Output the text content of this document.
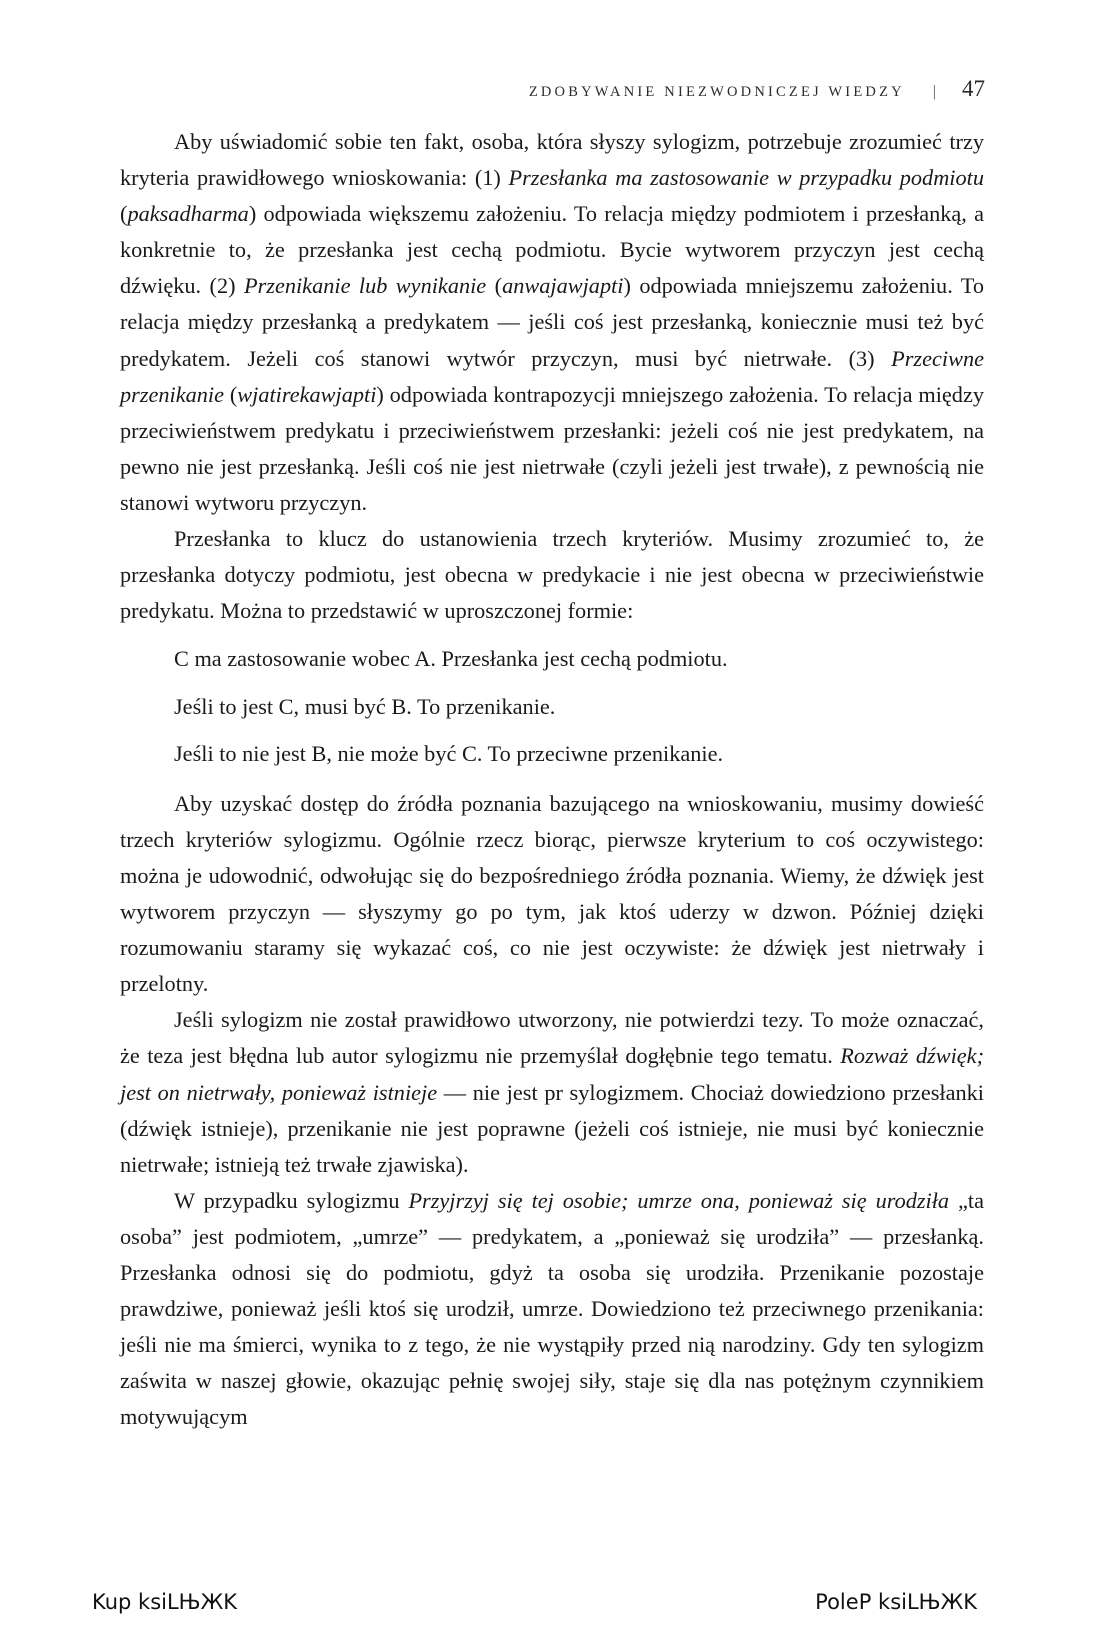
ZDOBYWANIE NIEZWODNICZEJ WIEDZY | 47

Aby uświadomić sobie ten fakt, osoba, która słyszy sylogizm, potrzebuje zrozumieć trzy kryteria prawidłowego wnioskowania: (1) Przesłanka ma zastosowanie w przypadku podmiotu (paksadharma) odpowiada większemu założeniu. To relacja między podmiotem i przesłanką, a konkretnie to, że przesłanka jest cechą podmiotu. Bycie wytworem przyczyn jest cechą dźwięku. (2) Przenikanie lub wynikanie (anwajawjapti) odpowiada mniejszemu założeniu. To relacja między przesłanką a predykatem — jeśli coś jest przesłanką, koniecznie musi też być predykatem. Jeżeli coś stanowi wytwór przyczyn, musi być nietrwałe. (3) Przeciwne przenikanie (wjatirekawjapti) odpowiada kontrapozycji mniejszego założenia. To relacja między przeciwieństwem predykatu i przeciwieństwem przesłanki: jeżeli coś nie jest predykatem, na pewno nie jest przesłanką. Jeśli coś nie jest nietrwałe (czyli jeżeli jest trwałe), z pewnością nie stanowi wytworu przyczyn.

Przesłanka to klucz do ustanowienia trzech kryteriów. Musimy zrozumieć to, że przesłanka dotyczy podmiotu, jest obecna w predykacie i nie jest obecna w przeciwieństwie predykatu. Można to przedstawić w uproszczonej formie:

C ma zastosowanie wobec A. Przesłanka jest cechą podmiotu.
Jeśli to jest C, musi być B. To przenikanie.
Jeśli to nie jest B, nie może być C. To przeciwne przenikanie.

Aby uzyskać dostęp do źródła poznania bazującego na wnioskowaniu, musimy dowieść trzech kryteriów sylogizmu. Ogólnie rzecz biorąc, pierwsze kryterium to coś oczywistego: można je udowodnić, odwołując się do bezpośredniego źródła poznania. Wiemy, że dźwięk jest wytworem przyczyn — słyszymy go po tym, jak ktoś uderzy w dzwon. Później dzięki rozumowaniu staramy się wykazać coś, co nie jest oczywiste: że dźwięk jest nietrwały i przelotny.

Jeśli sylogizm nie został prawidłowo utworzony, nie potwierdzi tezy. To może oznaczać, że teza jest błędna lub autor sylogizmu nie przemyślał dogłębnie tego tematu. Rozważ dźwięk; jest on nietrwały, ponieważ istnieje — nie jest pr sylogizmem. Chociaż dowiedziono przesłanki (dźwięk istnieje), przenikanie nie jest poprawne (jeżeli coś istnieje, nie musi być koniecznie nietrwałe; istnieją też trwałe zjawiska).

W przypadku sylogizmu Przyjrzyj się tej osobie; umrze ona, ponieważ się urodziła „ta osoba” jest podmiotem, „umrze” — predykatem, a „ponieważ się urodziła” — przesłanką. Przesłanka odnosi się do podmiotu, gdyż ta osoba się urodziła. Przenikanie pozostaje prawdziwe, ponieważ jeśli ktoś się urodził, umrze. Dowiedziono też przeciwnego przenikania: jeśli nie ma śmierci, wynika to z tego, że nie wystąpiły przed nią narodziny. Gdy ten sylogizm zaświta w naszej głowie, okazując pełnię swojej siły, staje się dla nas potężnym czynnikiem motywującym

Kup ksiLЊЖK	PoleP ksiLЊЖK
